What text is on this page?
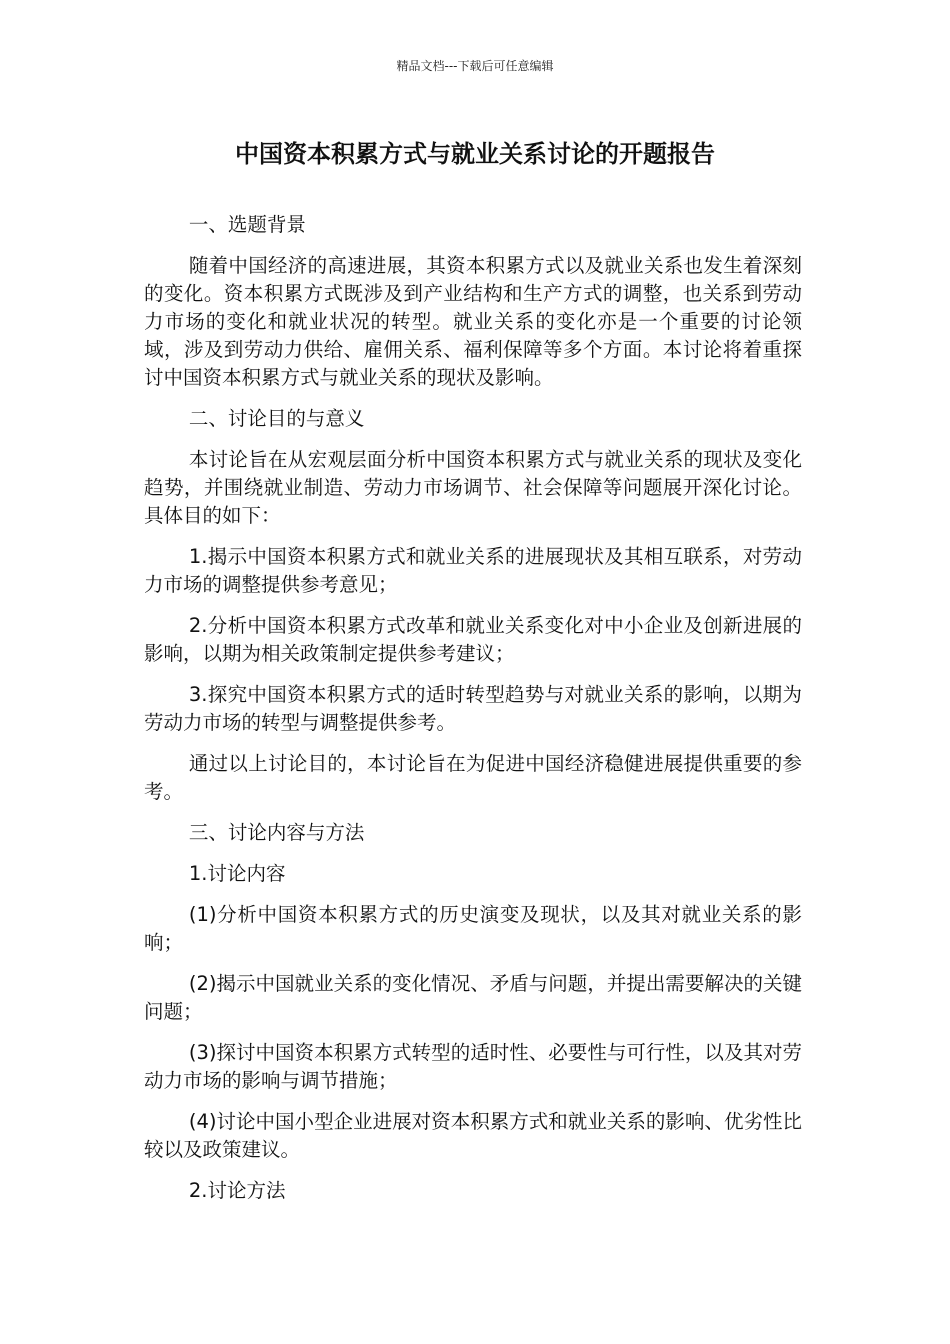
精品文档---下载后可任意编辑
中国资本积累方式与就业关系讨论的开题报告

一、选题背景

随着中国经济的高速进展，其资本积累方式以及就业关系也发生着深刻的变化。资本积累方式既涉及到产业结构和生产方式的调整，也关系到劳动力市场的变化和就业状况的转型。就业关系的变化亦是一个重要的讨论领域，涉及到劳动力供给、雇佣关系、福利保障等多个方面。本讨论将着重探讨中国资本积累方式与就业关系的现状及影响。

二、讨论目的与意义

本讨论旨在从宏观层面分析中国资本积累方式与就业关系的现状及变化趋势，并围绕就业制造、劳动力市场调节、社会保障等问题展开深化讨论。具体目的如下：

1.揭示中国资本积累方式和就业关系的进展现状及其相互联系，对劳动力市场的调整提供参考意见；

2.分析中国资本积累方式改革和就业关系变化对中小企业及创新进展的影响，以期为相关政策制定提供参考建议；

3.探究中国资本积累方式的适时转型趋势与对就业关系的影响，以期为劳动力市场的转型与调整提供参考。

通过以上讨论目的，本讨论旨在为促进中国经济稳健进展提供重要的参考。

三、讨论内容与方法

1.讨论内容

(1)分析中国资本积累方式的历史演变及现状，以及其对就业关系的影响；

(2)揭示中国就业关系的变化情况、矛盾与问题，并提出需要解决的关键问题；

(3)探讨中国资本积累方式转型的适时性、必要性与可行性，以及其对劳动力市场的影响与调节措施；

(4)讨论中国小型企业进展对资本积累方式和就业关系的影响、优劣性比较以及政策建议。

2.讨论方法
